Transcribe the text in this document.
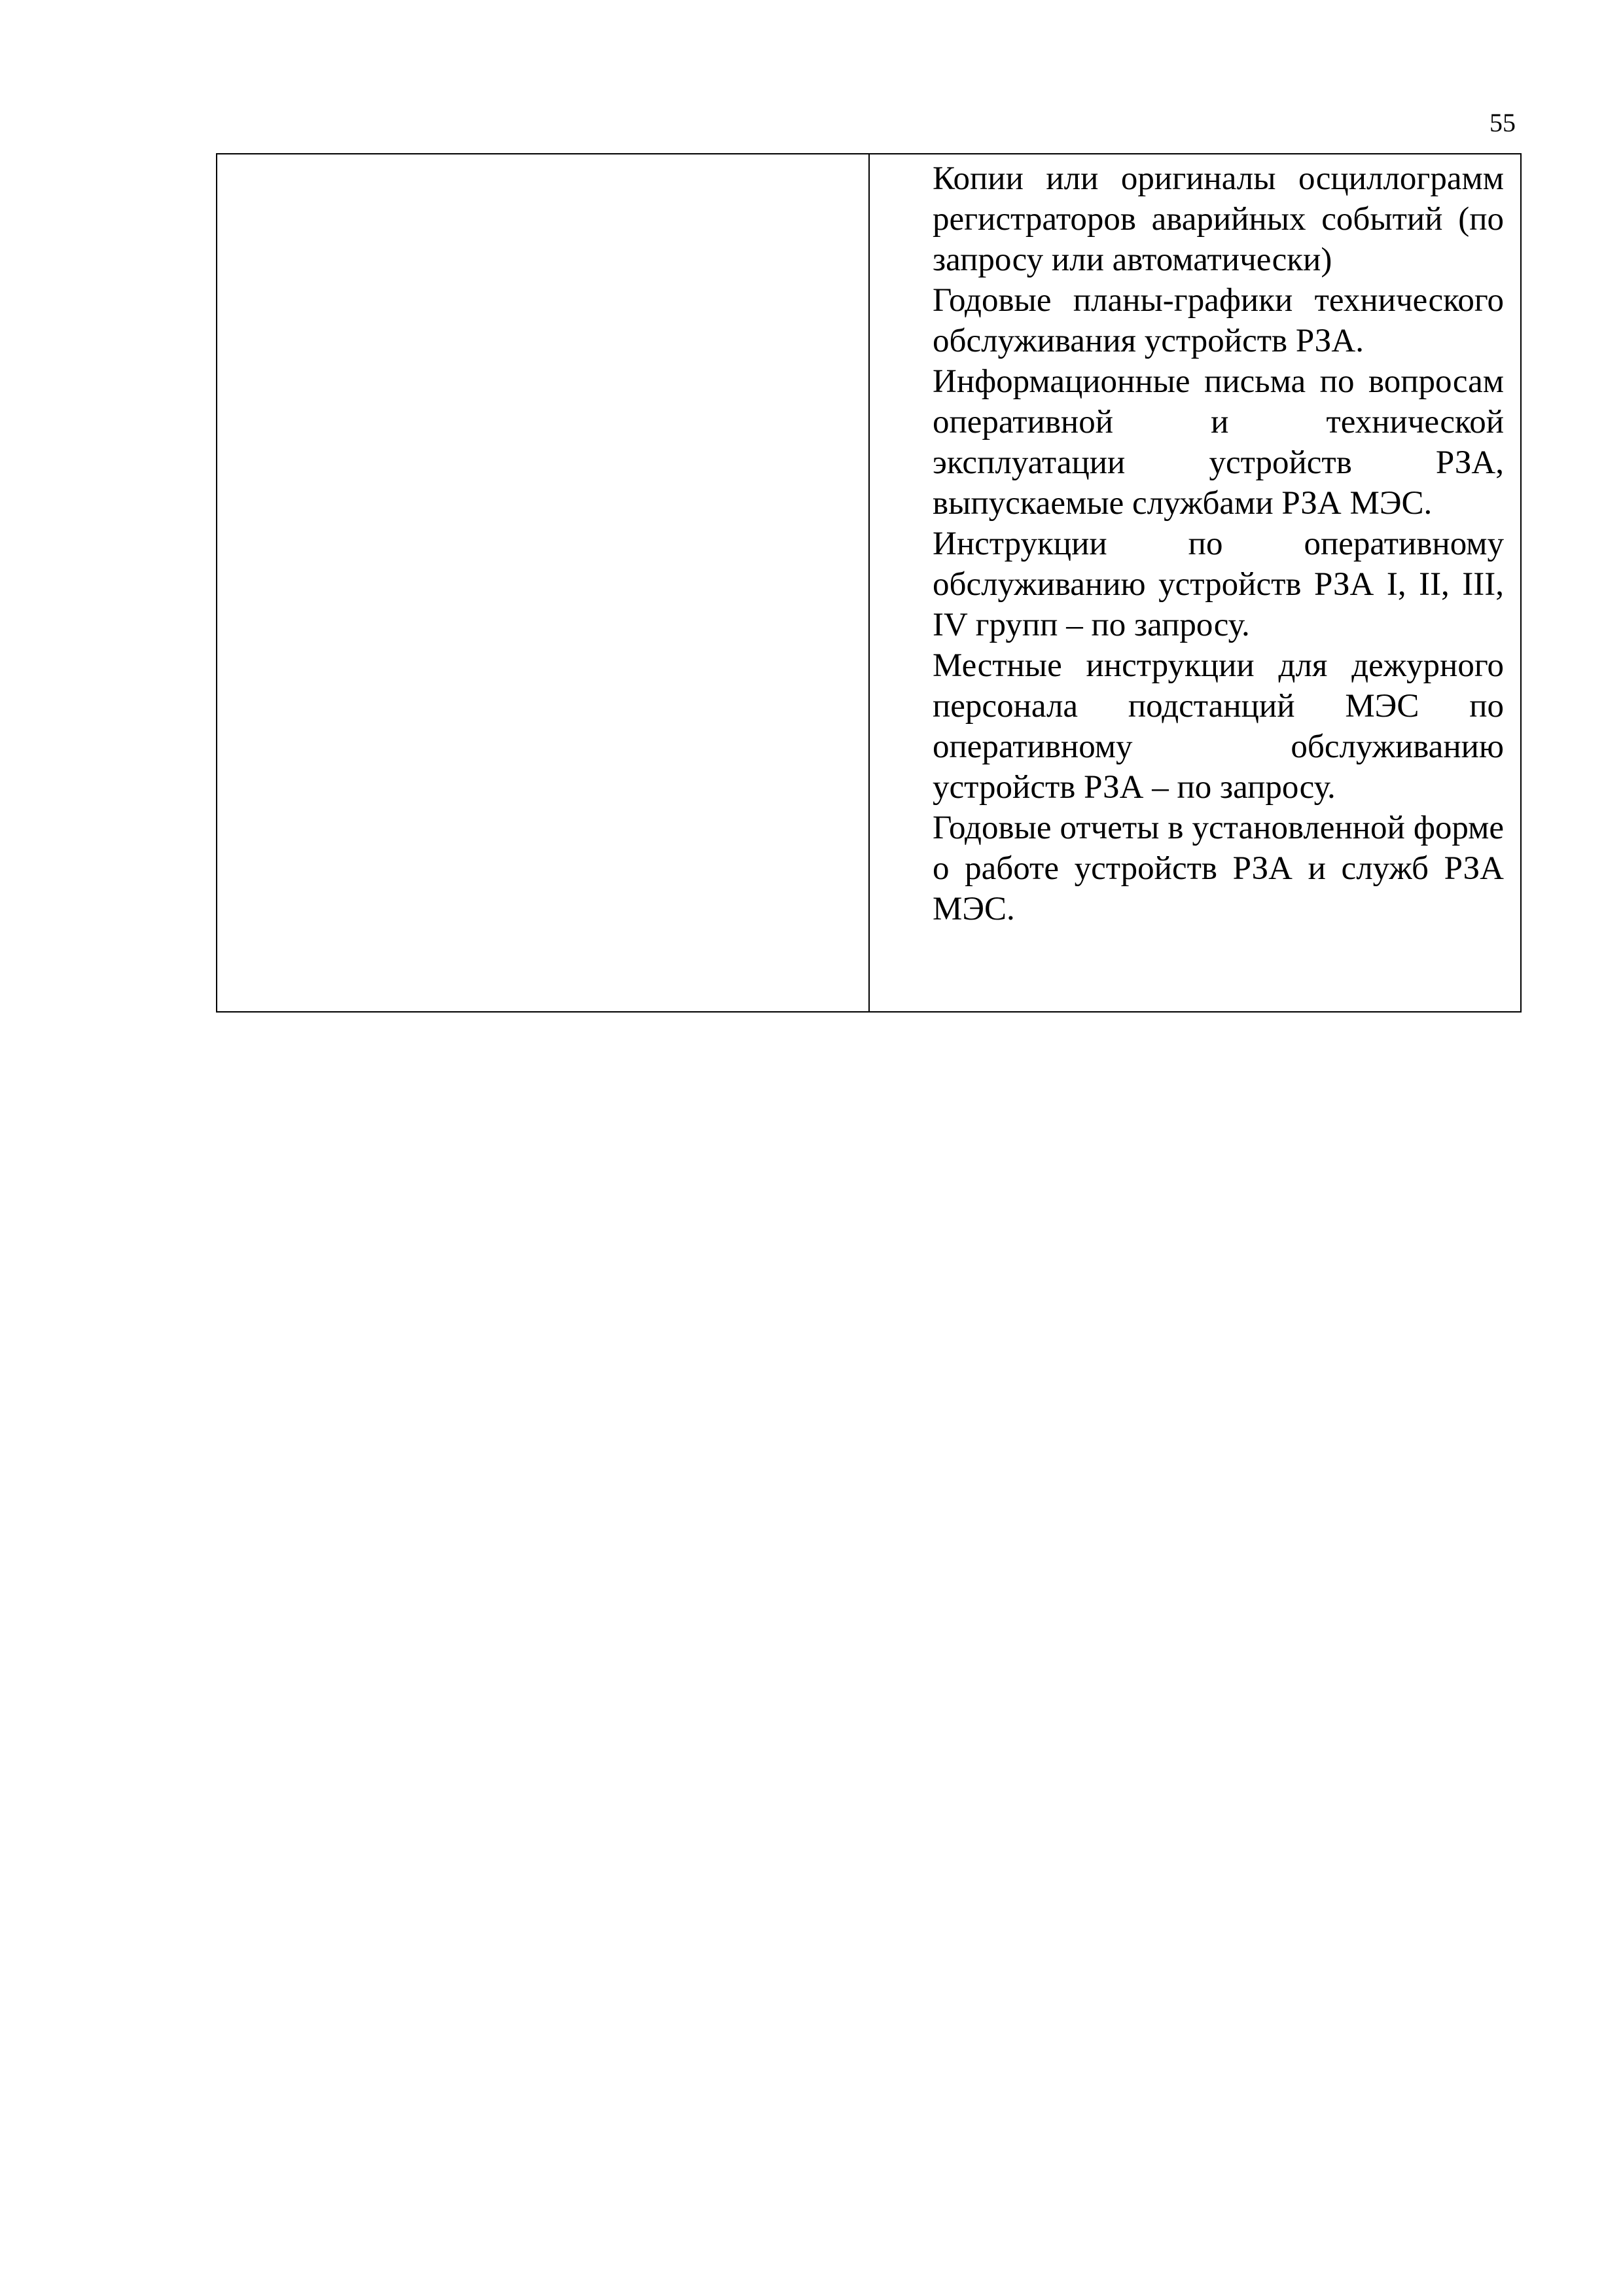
55

Копии или оригиналы осциллограмм регистраторов аварийных событий (по запросу или автоматически)

Годовые планы-графики технического обслуживания устройств РЗА.

Информационные письма по вопросам оперативной и технической эксплуатации устройств РЗА, выпускаемые службами РЗА МЭС.

Инструкции по оперативному обслуживанию устройств РЗА I, II, III, IV групп – по запросу.

Местные инструкции для дежурного персонала подстанций МЭС по оперативному обслуживанию устройств РЗА – по запросу.

Годовые отчеты в установленной форме о работе устройств РЗА и служб РЗА МЭС.
